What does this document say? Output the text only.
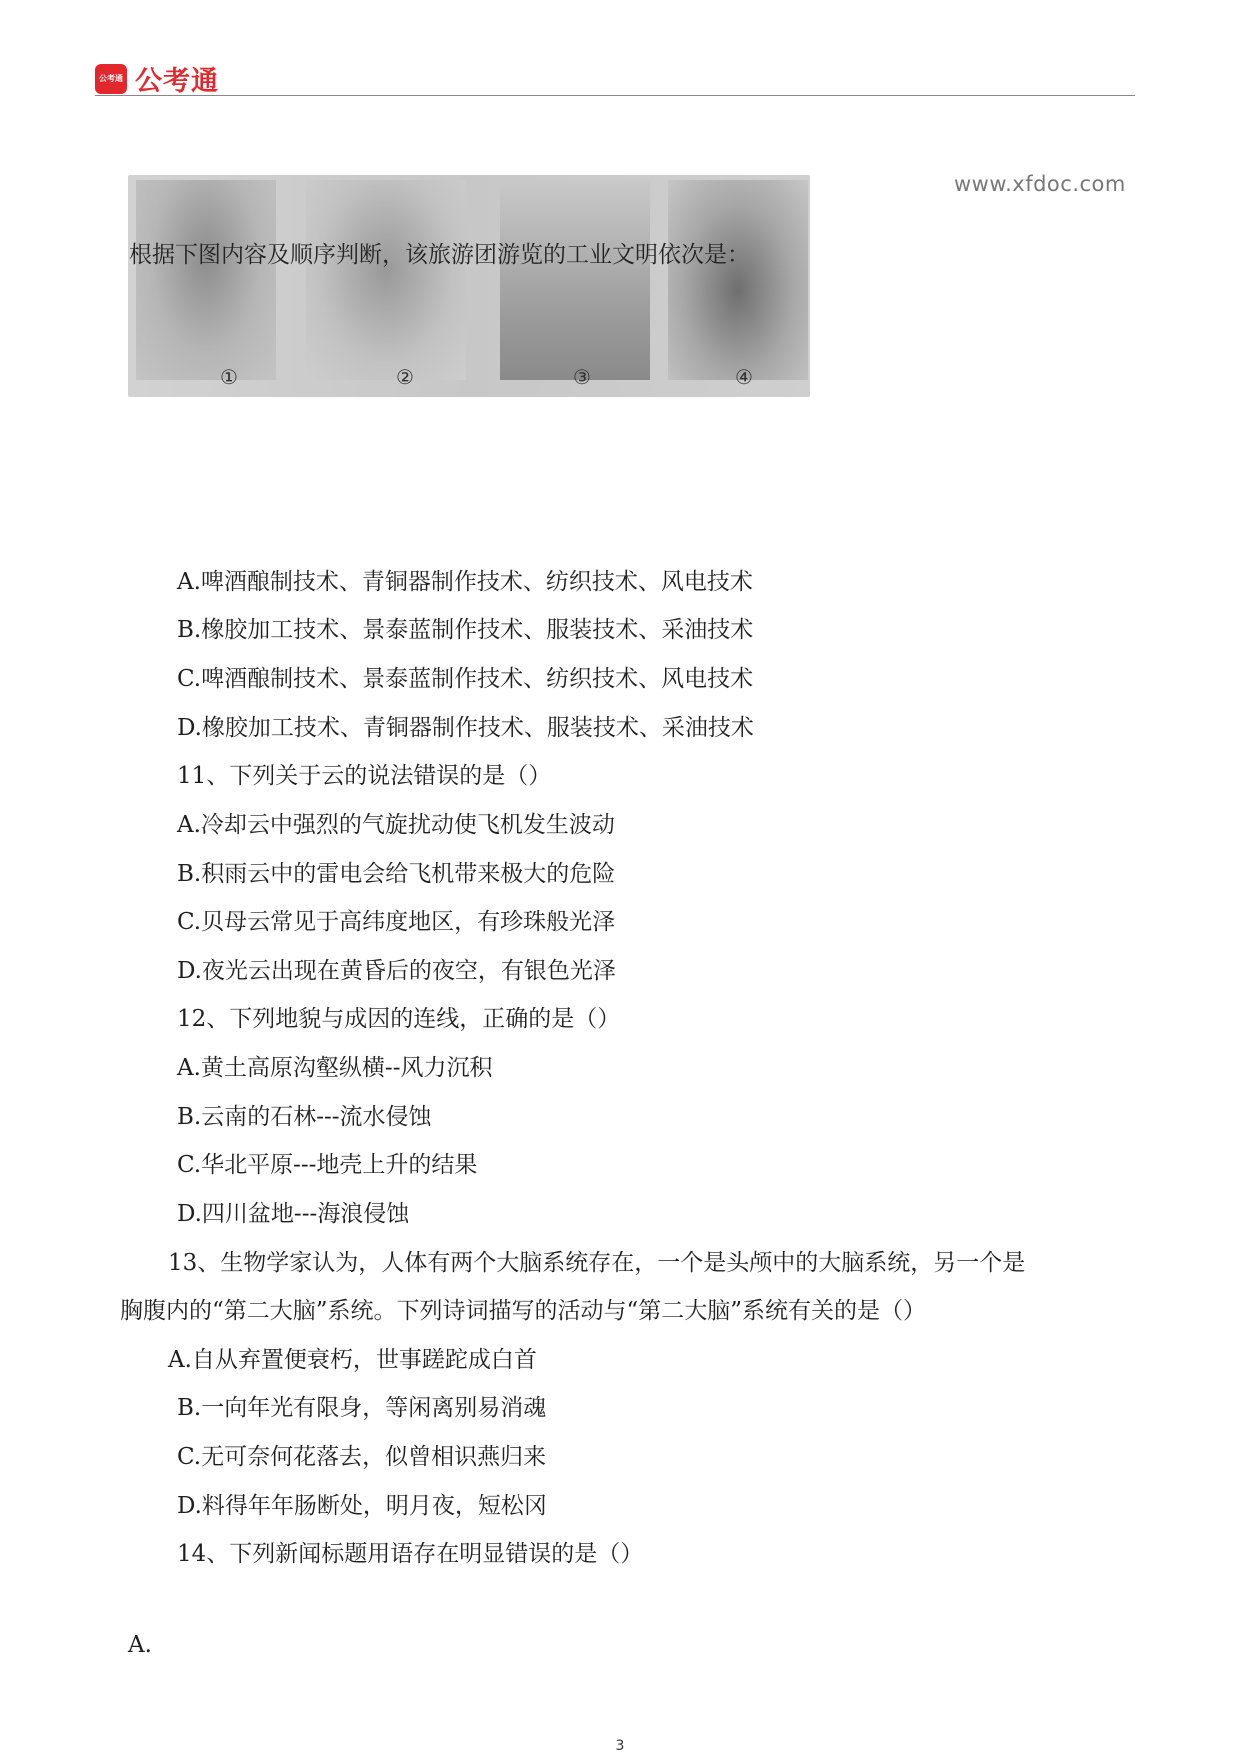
公考通 公考通
www.xfdoc.com
①	②	③	④
根据下图内容及顺序判断，该旅游团游览的工业文明依次是：
A.啤酒酿制技术、青铜器制作技术、纺织技术、风电技术
B.橡胶加工技术、景泰蓝制作技术、服装技术、采油技术
C.啤酒酿制技术、景泰蓝制作技术、纺织技术、风电技术
D.橡胶加工技术、青铜器制作技术、服装技术、采油技术
11、下列关于云的说法错误的是（）
A.冷却云中强烈的气旋扰动使飞机发生波动
B.积雨云中的雷电会给飞机带来极大的危险
C.贝母云常见于高纬度地区，有珍珠般光泽
D.夜光云出现在黄昏后的夜空，有银色光泽
12、下列地貌与成因的连线，正确的是（）
A.黄土高原沟壑纵横--风力沉积
B.云南的石林---流水侵蚀
C.华北平原---地壳上升的结果
D.四川盆地---海浪侵蚀
13、生物学家认为，人体有两个大脑系统存在，一个是头颅中的大脑系统，另一个是
胸腹内的“第二大脑”系统。下列诗词描写的活动与“第二大脑”系统有关的是（）
A.自从弃置便衰朽，世事蹉跎成白首
B.一向年光有限身，等闲离别易消魂
C.无可奈何花落去，似曾相识燕归来
D.料得年年肠断处，明月夜，短松冈
14、下列新闻标题用语存在明显错误的是（）
A.
3
